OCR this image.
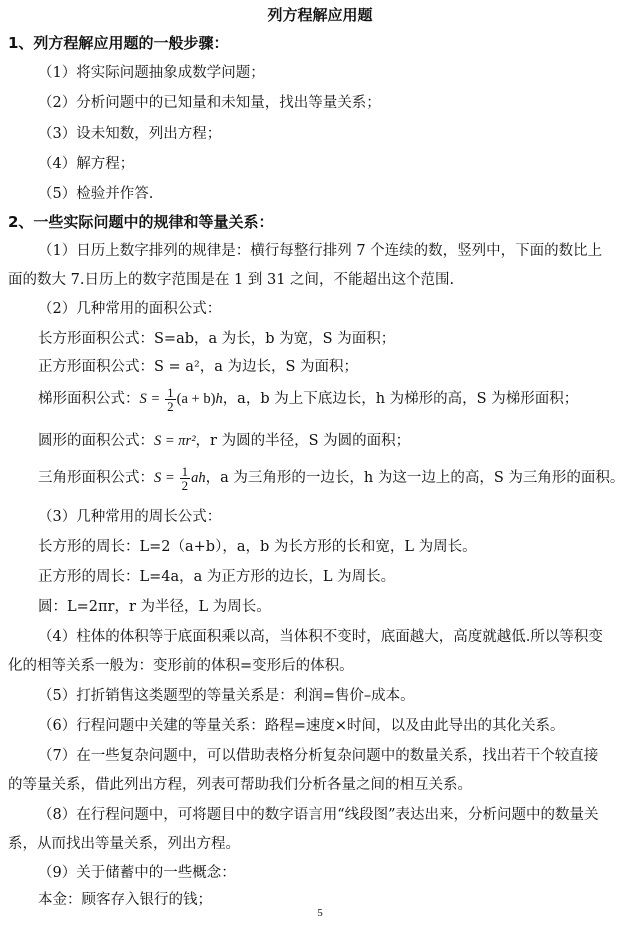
列方程解应用题
1、列方程解应用题的一般步骤：
（1）将实际问题抽象成数学问题；
（2）分析问题中的已知量和未知量，找出等量关系；
（3）设未知数，列出方程；
（4）解方程；
（5）检验并作答.
2、一些实际问题中的规律和等量关系：
（1）日历上数字排列的规律是：横行每整行排列 7 个连续的数，竖列中，下面的数比上
面的数大 7.日历上的数字范围是在 1 到 31 之间，不能超出这个范围.
（2）几种常用的面积公式：
长方形面积公式：S=ab，a 为长，b 为宽，S 为面积；
正方形面积公式：S = a²，a 为边长，S 为面积；
梯形面积公式：$S = \frac{1}{2} (a + b)h$，a，b 为上下底边长，h 为梯形的高，S 为梯形面积；
圆形的面积公式：S = πr²，r 为圆的半径，S 为圆的面积；
三角形面积公式：$S = \frac{1}{2}$ ah，a 为三角形的一边长，h 为这一边上的高，S 为三角形的面积。
（3）几种常用的周长公式：
长方形的周长：L=2（a+b），a，b 为长方形的长和宽，L 为周长。
正方形的周长：L=4a，a 为正方形的边长，L 为周长。
圆：L=2πr，r 为半径，L 为周长。
（4）柱体的体积等于底面积乘以高，当体积不变时，底面越大，高度就越低.所以等积变
化的相等关系一般为：变形前的体积=变形后的体积。
（5）打折销售这类题型的等量关系是：利润=售价–成本。
（6）行程问题中关建的等量关系：路程=速度×时间，以及由此导出的其化关系。
（7）在一些复杂问题中，可以借助表格分析复杂问题中的数量关系，找出若干个较直接
的等量关系，借此列出方程，列表可帮助我们分析各量之间的相互关系。
（8）在行程问题中，可将题目中的数字语言用“线段图”表达出来，分析问题中的数量关
系，从而找出等量关系，列出方程。
（9）关于储蓄中的一些概念：
本金：顾客存入银行的钱；
5
